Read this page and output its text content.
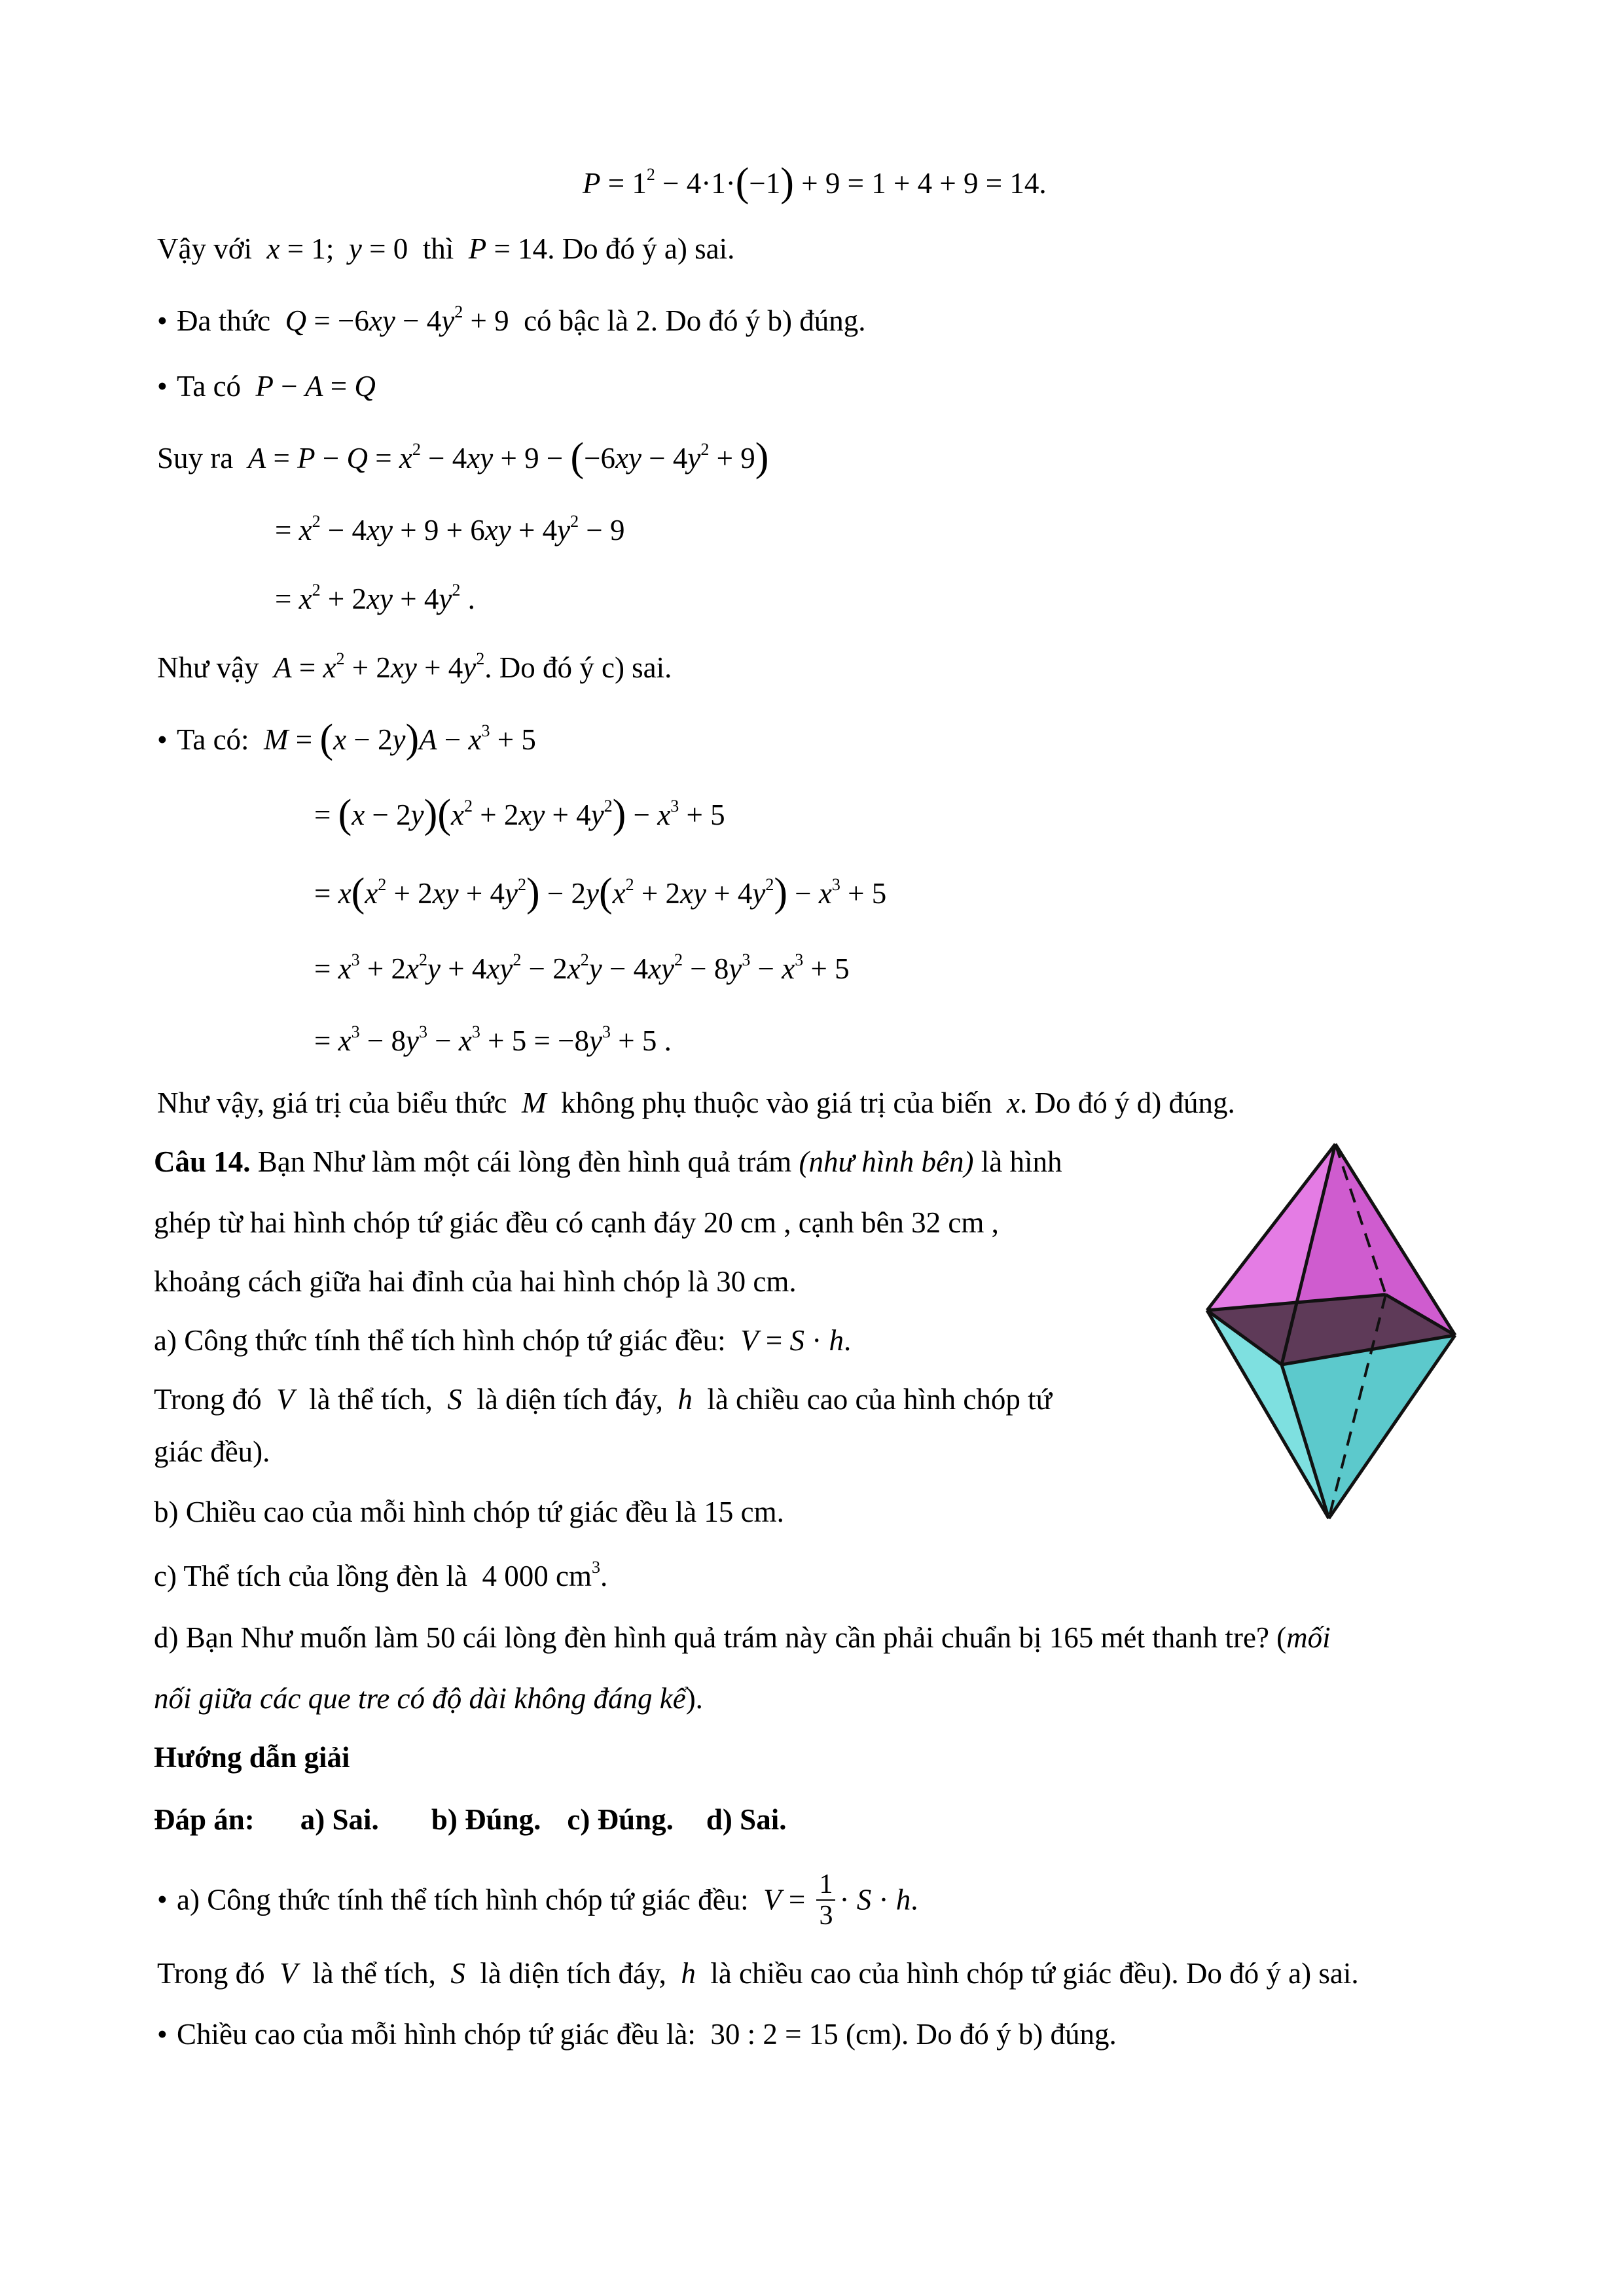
$P = 1^2 - 4\cdot 1\cdot(-1) + 9 = 1 + 4 + 9 = 14$.
Vậy với x = 1;  y = 0  thì P = 14. Do đó ý a) sai.
• Đa thức $Q = -6xy - 4y^2 + 9$  có bậc là 2. Do đó ý b) đúng.
• Ta có P − A = Q
Suy ra $A = P - Q = x^2 - 4xy + 9 - (-6xy - 4y^2 + 9)$
= $x^2 - 4xy + 9 + 6xy + 4y^2 - 9$
= $x^2 + 2xy + 4y^2$ .
Như vậy $A = x^2 + 2xy + 4y^2$. Do đó ý c) sai.
• Ta có: $M = (x - 2y)A - x^3 + 5$
= $(x - 2y)(x^2 + 2xy + 4y^2) - x^3 + 5$
= $x(x^2 + 2xy + 4y^2) - 2y(x^2 + 2xy + 4y^2) - x^3 + 5$
= $x^3 + 2x^2y + 4xy^2 - 2x^2y - 4xy^2 - 8y^3 - x^3 + 5$
= $x^3 - 8y^3 - x^3 + 5 = -8y^3 + 5$ .
Như vậy, giá trị của biểu thức M không phụ thuộc vào giá trị của biến x. Do đó ý d) đúng.
Câu 14. Bạn Như làm một cái lòng đèn hình quả trám (như hình bên) là hình
ghép từ hai hình chóp tứ giác đều có cạnh đáy 20 cm , cạnh bên 32 cm ,
khoảng cách giữa hai đỉnh của hai hình chóp là 30 cm.
a) Công thức tính thể tích hình chóp tứ giác đều: V = S · h.
Trong đó V là thể tích, S là diện tích đáy, h là chiều cao của hình chóp tứ
giác đều).
b) Chiều cao của mỗi hình chóp tứ giác đều là 15 cm.
c) Thể tích của lồng đèn là 4 000 $cm^3$.
d) Bạn Như muốn làm 50 cái lòng đèn hình quả trám này cần phải chuẩn bị 165 mét thanh tre? (mối
nối giữa các que tre có độ dài không đáng kể).
Hướng dẫn giải
Đáp án: a) Sai. b) Đúng. c) Đúng. d) Sai.
• a) Công thức tính thể tích hình chóp tứ giác đều: $V = \frac{1}{3} \cdot S \cdot h$.
Trong đó V là thể tích, S là diện tích đáy, h là chiều cao của hình chóp tứ giác đều). Do đó ý a) sai.
• Chiều cao của mỗi hình chóp tứ giác đều là: 30 : 2 = 15 (cm). Do đó ý b) đúng.
